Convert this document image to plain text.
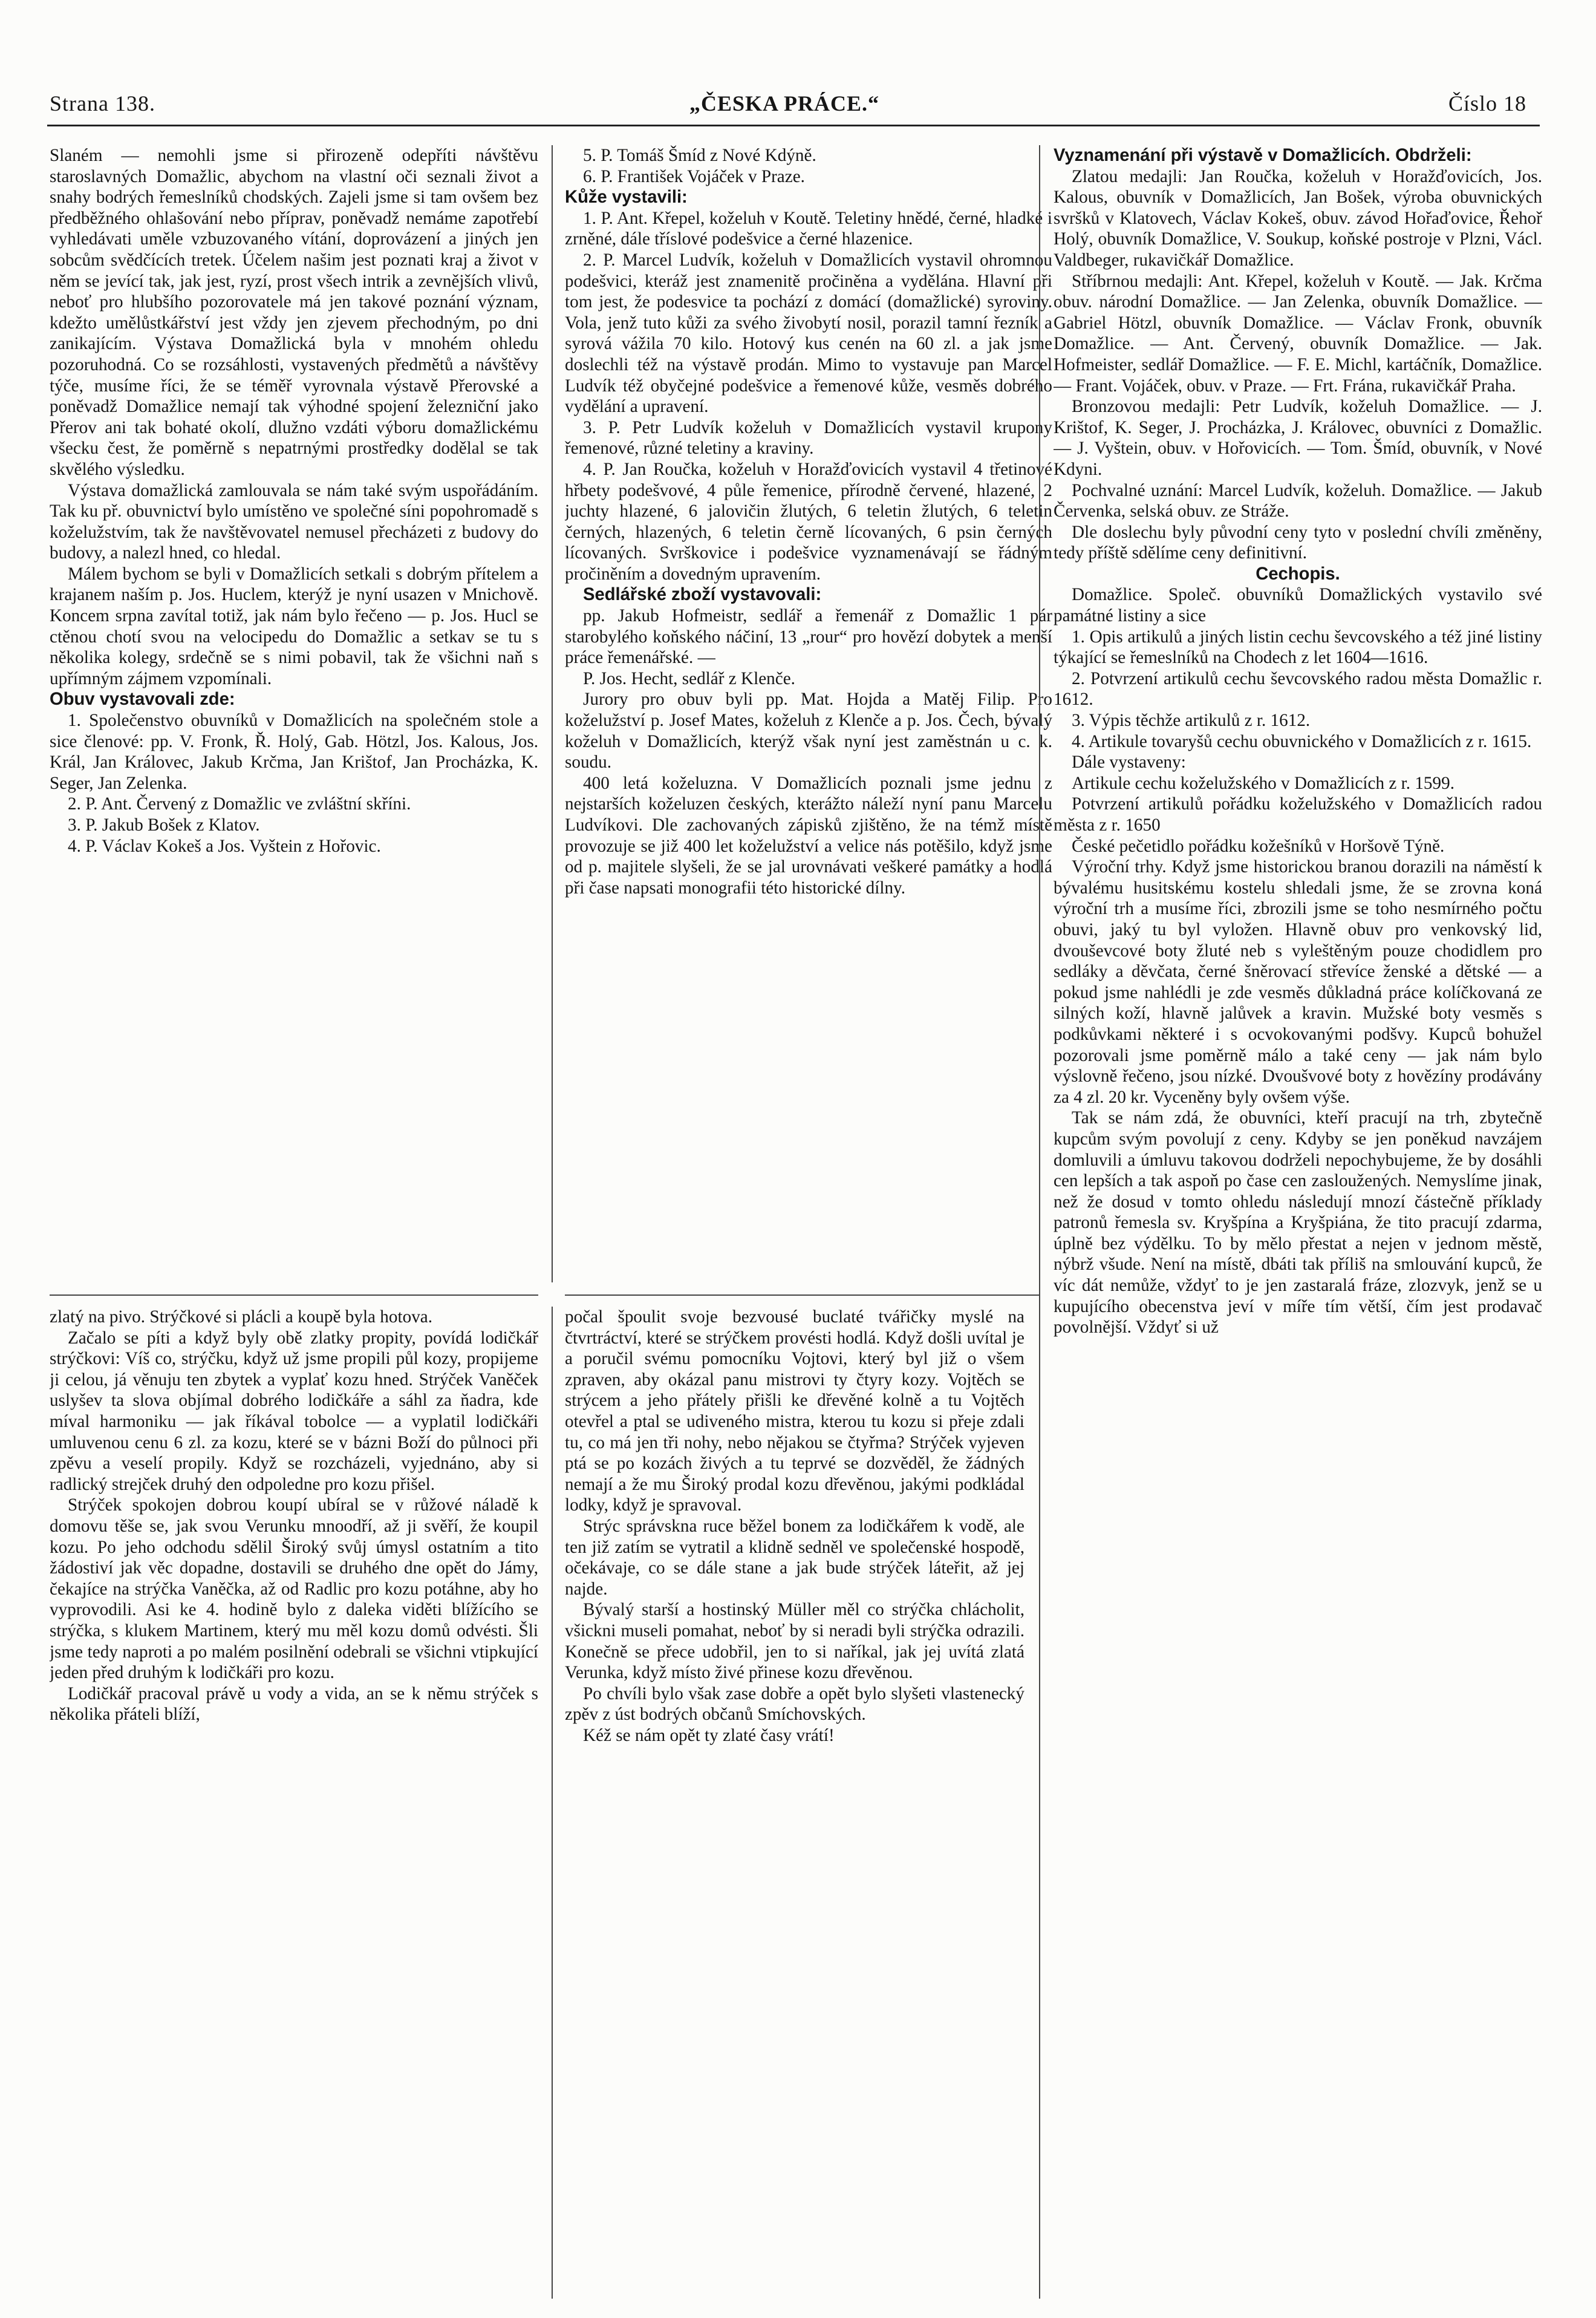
Strana 138.	„ČESKA PRÁCE.“	Číslo 18

Slaném — nemohli jsme si přirozeně odepříti návštěvu staroslavných Domažlic, abychom na vlastní oči seznali život a snahy bodrých řemeslníků chodských. Zajeli jsme si tam ovšem bez předběžného ohlašování nebo příprav, poněvadž nemáme zapotřebí vyhledávati uměle vzbuzovaného vítání, doprovázení a jiných jen sobcům svědčících tretek. Účelem našim jest poznati kraj a život v něm se jevící tak, jak jest, ryzí, prost všech intrik a zevnějších vlivů, neboť pro hlubšího pozorovatele má jen takové poznání význam, kdežto umělůstkářství jest vždy jen zjevem přechodným, po dni zanikajícím. Výstava Domažlická byla v mnohém ohledu pozoruhodná. Co se rozsáhlosti, vystavených předmětů a návštěvy týče, musíme říci, že se téměř vyrovnala výstavě Přerovské a poněvadž Domažlice nemají tak výhodné spojení železniční jako Přerov ani tak bohaté okolí, dlužno vzdáti výboru domažlickému všecku čest, že poměrně s nepatrnými prostředky dodělal se tak skvělého výsledku.

Výstava domažlická zamlouvala se nám také svým uspořádáním. Tak ku př. obuvnictví bylo umístěno ve společné síni popohromadě s koželužstvím, tak že navštěvovatel nemusel přecházeti z budovy do budovy, a nalezl hned, co hledal.

Málem bychom se byli v Domažlicích setkali s dobrým přítelem a krajanem naším p. Jos. Huclem, kterýž je nyní usazen v Mnichově. Koncem srpna zavítal totiž, jak nám bylo řečeno — p. Jos. Hucl se ctěnou chotí svou na velocipedu do Domažlic a setkav se tu s několika kolegy, srdečně se s nimi pobavil, tak že všichni naň s upřímným zájmem vzpomínali.

Obuv vystavovali zde:

1. Společenstvo obuvníků v Domažlicích na společném stole a sice členové: pp. V. Fronk, Ř. Holý, Gab. Hötzl, Jos. Kalous, Jos. Král, Jan Královec, Jakub Krčma, Jan Krištof, Jan Procházka, K. Seger, Jan Zelenka.

2. P. Ant. Červený z Domažlic ve zvláštní skříni.

3. P. Jakub Bošek z Klatov.

4. P. Václav Kokeš a Jos. Vyštein z Hořovic.

5. P. Tomáš Šmíd z Nové Kdýně.

6. P. František Vojáček v Praze.

Kůže vystavili:

1. P. Ant. Křepel, koželuh v Koutě. Teletiny hnědé, černé, hladké i zrněné, dále tříslové podešvice a černé hlazenice.

2. P. Marcel Ludvík, koželuh v Domažlicích vystavil ohromnou podešvici, kteráž jest znamenitě pročiněna a vydělána. Hlavní při tom jest, že podesvice ta pochází z domácí (domažlické) syroviny. Vola, jenž tuto kůži za svého živobytí nosil, porazil tamní řezník a syrová vážila 70 kilo. Hotový kus cenén na 60 zl. a jak jsme doslechli též na výstavě prodán. Mimo to vystavuje pan Marcel Ludvík též obyčejné podešvice a řemenové kůže, vesměs dobrého vydělání a upravení.

3. P. Petr Ludvík koželuh v Domažlicích vystavil krupony řemenové, různé teletiny a kraviny.

4. P. Jan Roučka, koželuh v Horažďovicích vystavil 4 třetinové hřbety podešvové, 4 půle řemenice, přírodně červené, hlazené, 2 juchty hlazené, 6 jalovičin žlutých, 6 teletin žlutých, 6 teletin černých, hlazených, 6 teletin černě lícovaných, 6 psin černých lícovaných. Svrškovice i podešvice vyznamenávají se řádným pročiněním a dovedným upravením.

Sedlářské zboží vystavovali:

pp. Jakub Hofmeistr, sedlář a řemenář z Domažlic 1 pár starobylého koňského náčiní, 13 „rour“ pro hovězí dobytek a menší práce řemenářské. —

P. Jos. Hecht, sedlář z Klenče.

Jurory pro obuv byli pp. Mat. Hojda a Matěj Filip. Pro koželužství p. Josef Mates, koželuh z Klenče a p. Jos. Čech, bývalý koželuh v Domažlicích, kterýž však nyní jest zaměstnán u c. k. soudu.

400 letá koželuzna. V Domažlicích poznali jsme jednu z nejstarších koželuzen českých, kterážto náleží nyní panu Marcelu Ludvíkovi. Dle zachovaných zápisků zjištěno, že na témž místě provozuje se již 400 let koželužství a velice nás potěšilo, když jsme od p. majitele slyšeli, že se jal urovnávati veškeré památky a hodlá při čase napsati monografii této historické dílny.

Vyznamenání při výstavě v Domažlicích. Obdrželi:

Zlatou medajli: Jan Roučka, koželuh v Horažďovicích, Jos. Kalous, obuvník v Domažlicích, Jan Bošek, výroba obuvnických svršků v Klatovech, Václav Kokeš, obuv. závod Hořaďovice, Řehoř Holý, obuvník Domažlice, V. Soukup, koňské postroje v Plzni, Václ. Valdbeger, rukavičkář Domažlice.

Stříbrnou medajli: Ant. Křepel, koželuh v Koutě. — Jak. Krčma obuv. národní Domažlice. — Jan Zelenka, obuvník Domažlice. — Gabriel Hötzl, obuvník Domažlice. — Václav Fronk, obuvník Domažlice. — Ant. Červený, obuvník Domažlice. — Jak. Hofmeister, sedlář Domažlice. — F. E. Michl, kartáčník, Domažlice. — Frant. Vojáček, obuv. v Praze. — Frt. Frána, rukavičkář Praha.

Bronzovou medajli: Petr Ludvík, koželuh Domažlice. — J. Krištof, K. Seger, J. Procházka, J. Královec, obuvníci z Domažlic. — J. Vyštein, obuv. v Hořovicích. — Tom. Šmíd, obuvník, v Nové Kdyni.

Pochvalné uznání: Marcel Ludvík, koželuh. Domažlice. — Jakub Červenka, selská obuv. ze Stráže.

Dle doslechu byly původní ceny tyto v poslední chvíli změněny, tedy příště sdělíme ceny definitivní.

Cechopis.

Domažlice. Společ. obuvníků Domažlických vystavilo své památné listiny a sice

1. Opis artikulů a jiných listin cechu ševcovského a též jiné listiny týkající se řemeslníků na Chodech z let 1604—1616.

2. Potvrzení artikulů cechu ševcovského radou města Domažlic r. 1612.

3. Výpis těchže artikulů z r. 1612.

4. Artikule tovaryšů cechu obuvnického v Domažlicích z r. 1615.

Dále vystaveny:

Artikule cechu koželužského v Domažlicích z r. 1599.

Potvrzení artikulů pořádku koželužského v Domažlicích radou města z r. 1650

České pečetidlo pořádku kožešníků v Horšově Týně.

Výroční trhy. Když jsme historickou branou dorazili na náměstí k bývalému husitskému kostelu shledali jsme, že se zrovna koná výroční trh a musíme říci, zbrozili jsme se toho nesmírného počtu obuvi, jaký tu byl vyložen. Hlavně obuv pro venkovský lid, dvouševcové boty žluté neb s vyleštěným pouze chodidlem pro sedláky a děvčata, černé šněrovací střevíce ženské a dětské — a pokud jsme nahlédli je zde vesměs důkladná práce kolíčkovaná ze silných koží, hlavně jalůvek a kravin. Mužské boty vesměs s podkůvkami některé i s ocvokovanými podšvy. Kupců bohužel pozorovali jsme poměrně málo a také ceny — jak nám bylo výslovně řečeno, jsou nízké. Dvoušvové boty z hovězíny prodávány za 4 zl. 20 kr. Vyceněny byly ovšem výše.

Tak se nám zdá, že obuvníci, kteří pracují na trh, zbytečně kupcům svým povolují z ceny. Kdyby se jen poněkud navzájem domluvili a úmluvu takovou dodrželi nepochybujeme, že by dosáhli cen lepších a tak aspoň po čase cen zasloužených. Nemyslíme jinak, než že dosud v tomto ohledu následují mnozí částečně příklady patronů řemesla sv. Kryšpína a Kryšpiána, že tito pracují zdarma, úplně bez výdělku. To by mělo přestat a nejen v jednom městě, nýbrž všude. Není na místě, dbáti tak příliš na smlouvání kupců, že víc dát nemůže, vždyť to je jen zastaralá fráze, zlozvyk, jenž se u kupujícího obecenstva jeví v míře tím větší, čím jest prodavač povolnější. Vždyť si už

zlatý na pivo. Strýčkové si plácli a koupě byla hotova.

Začalo se píti a když byly obě zlatky propity, povídá lodičkář strýčkovi: Víš co, strýčku, když už jsme propili půl kozy, propijeme ji celou, já věnuju ten zbytek a vyplať kozu hned. Strýček Vaněček uslyšev ta slova objímal dobrého lodičkáře a sáhl za ňadra, kde míval harmoniku — jak říkával tobolce — a vyplatil lodičkáři umluvenou cenu 6 zl. za kozu, které se v bázni Boží do půlnoci při zpěvu a veselí propily. Když se rozcházeli, vyjednáno, aby si radlický strejček druhý den odpoledne pro kozu přišel.

Strýček spokojen dobrou koupí ubíral se v růžové náladě k domovu těše se, jak svou Verunku mnoodří, až ji svěří, že koupil kozu. Po jeho odchodu sdělil Široký svůj úmysl ostatním a tito žádostiví jak věc dopadne, dostavili se druhého dne opět do Jámy, čekajíce na strýčka Vaněčka, až od Radlic pro kozu potáhne, aby ho vyprovodili. Asi ke 4. hodině bylo z daleka viděti blížícího se strýčka, s klukem Martinem, který mu měl kozu domů odvésti. Šli jsme tedy naproti a po malém posilnění odebrali se všichni vtipkující jeden před druhým k lodičkáři pro kozu.

Lodičkář pracoval právě u vody a vida, an se k němu strýček s několika přáteli blíží,

počal špoulit svoje bezvousé buclaté tvářičky myslé na čtvrtráctví, které se strýčkem provésti hodlá. Když došli uvítal je a poručil svému pomocníku Vojtovi, který byl již o všem zpraven, aby okázal panu mistrovi ty čtyry kozy. Vojtěch se strýcem a jeho přátely přišli ke dřevěné kolně a tu Vojtěch otevřel a ptal se udiveného mistra, kterou tu kozu si přeje zdali tu, co má jen tři nohy, nebo nějakou se čtyřma? Strýček vyjeven ptá se po kozách živých a tu teprvé se dozvěděl, že žádných nemají a že mu Široký prodal kozu dřevěnou, jakými podkládal lodky, když je spravoval.

Strýc správskna ruce běžel bonem za lodičkářem k vodě, ale ten již zatím se vytratil a klidně sedněl ve společenské hospodě, očekávaje, co se dále stane a jak bude strýček láteřit, až jej najde.

Bývalý starší a hostinský Müller měl co strýčka chlácholit, všickni museli pomahat, neboť by si neradi byli strýčka odrazili. Konečně se přece udobřil, jen to si naříkal, jak jej uvítá zlatá Verunka, když místo živé přinese kozu dřevěnou.

Po chvíli bylo však zase dobře a opět bylo slyšeti vlastenecký zpěv z úst bodrých občanů Smíchovských.

Kéž se nám opět ty zlaté časy vrátí!
